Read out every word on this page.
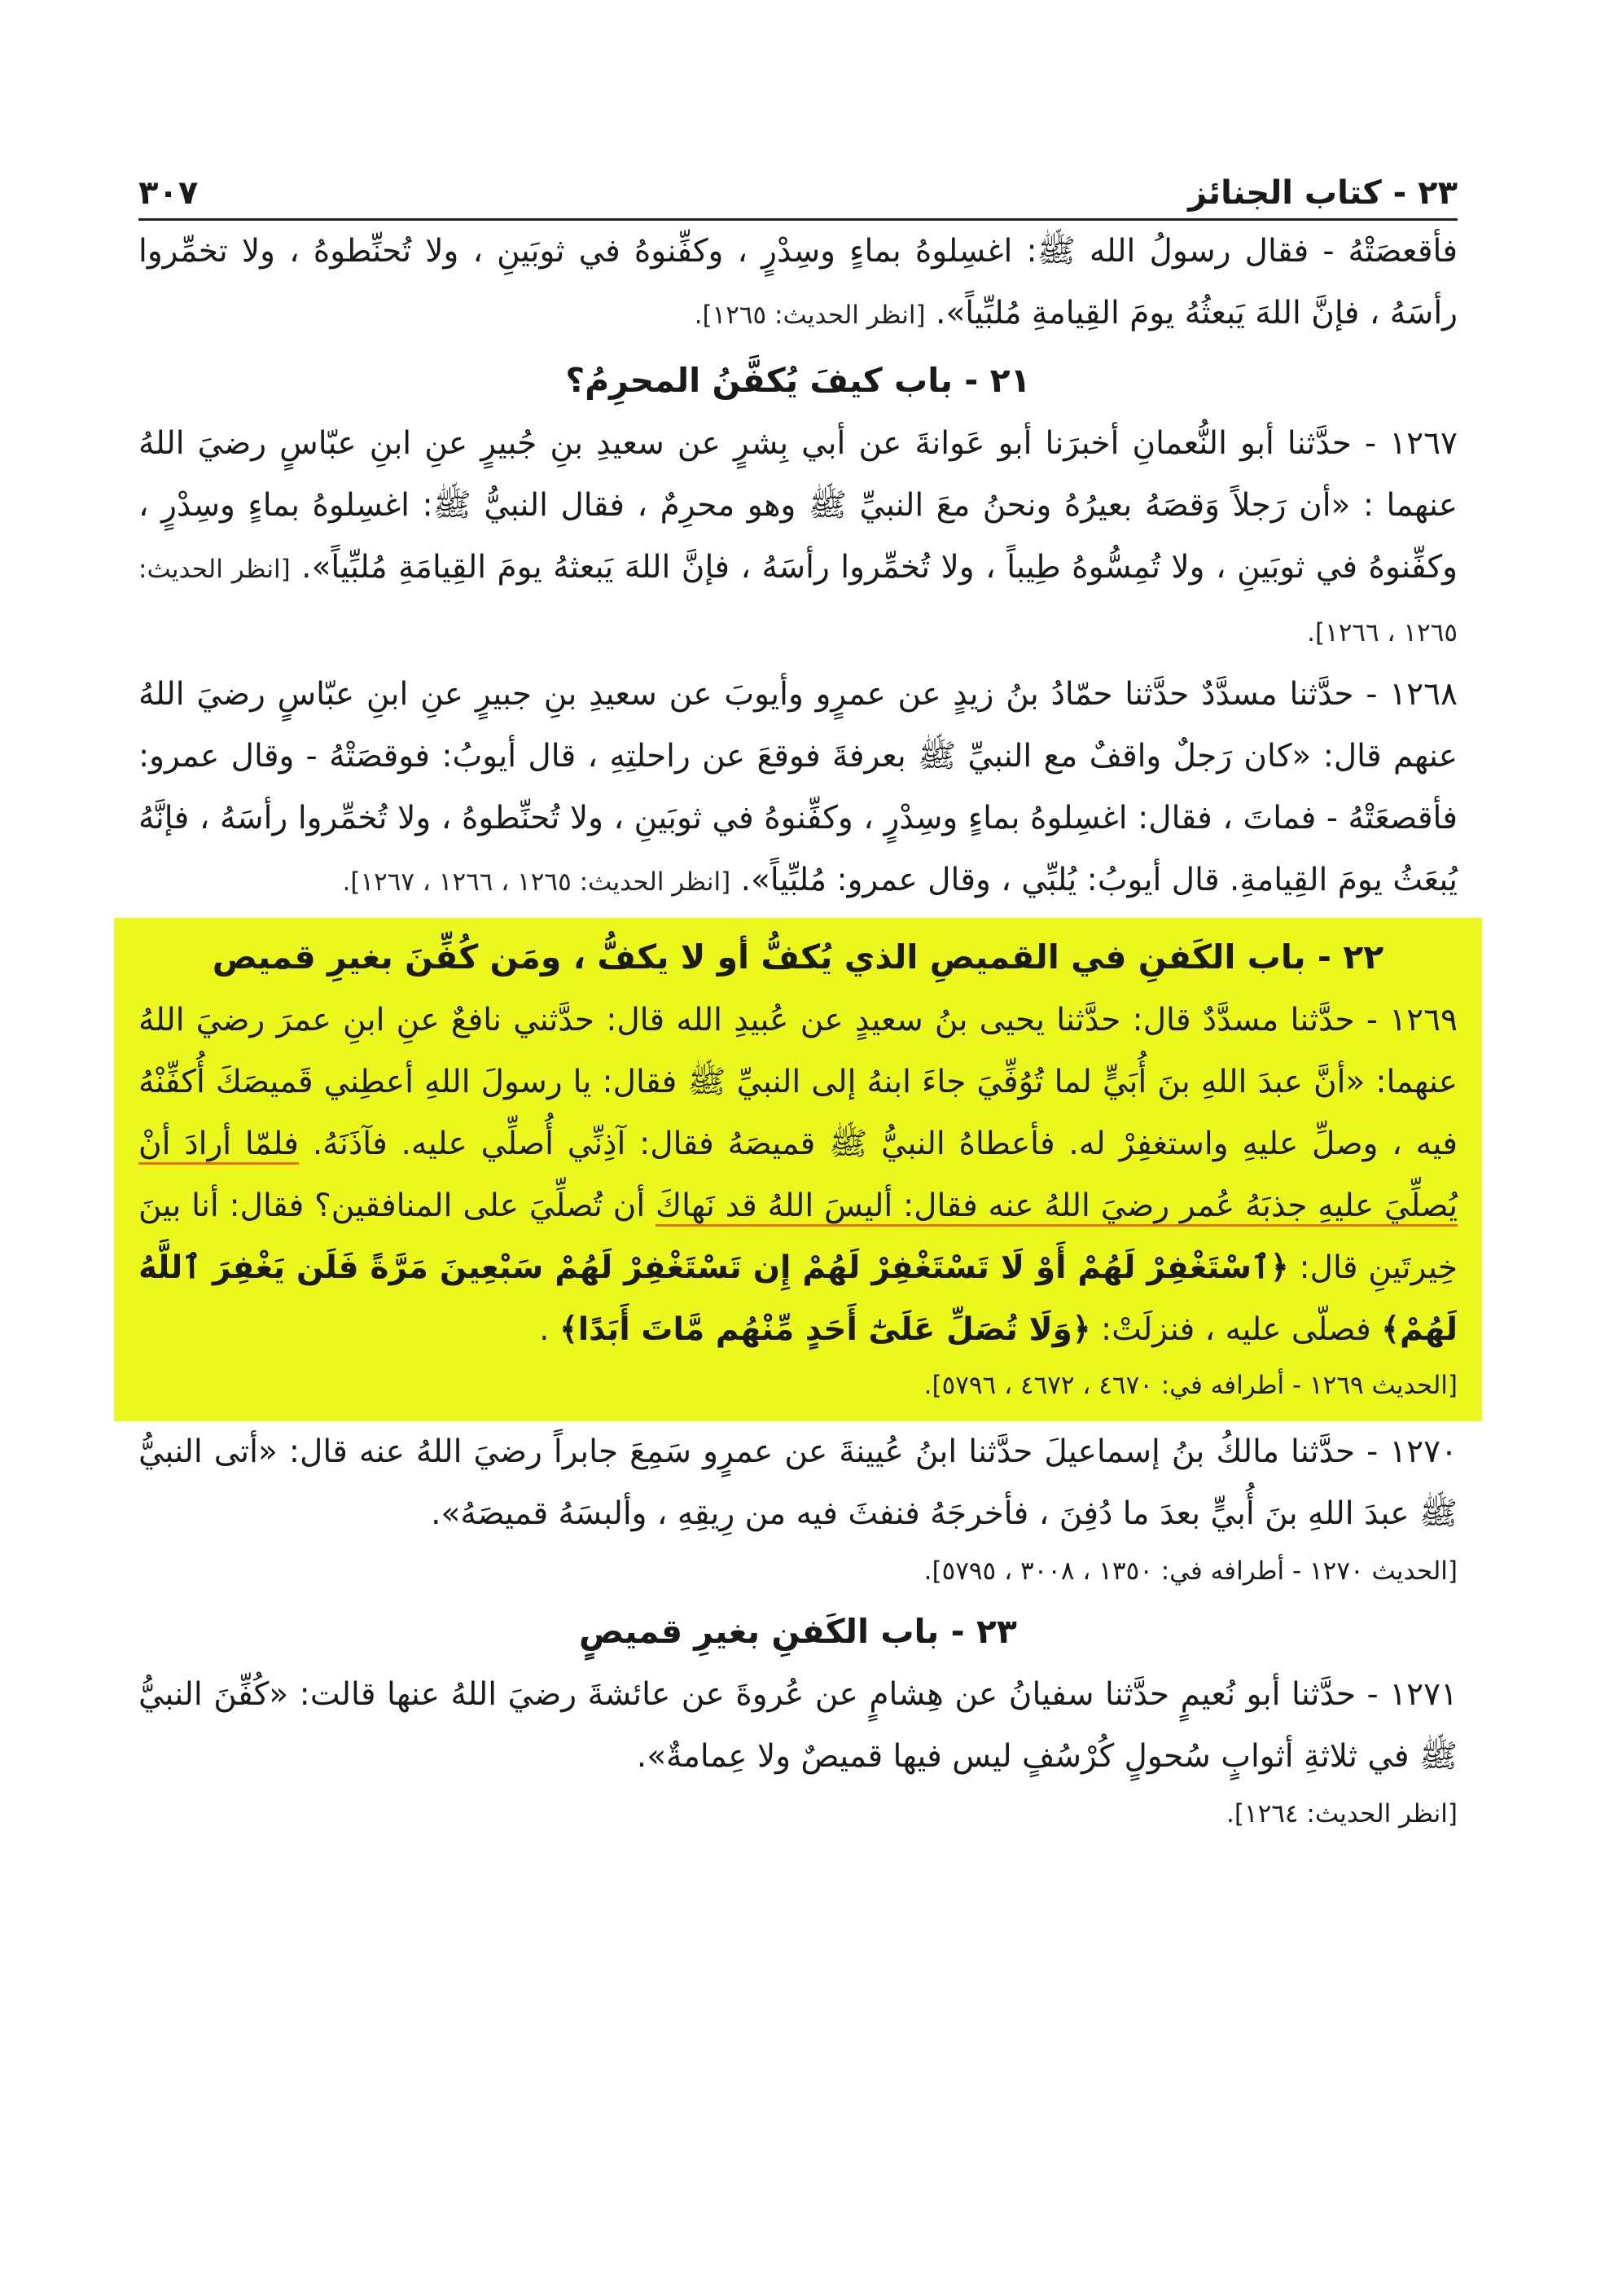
٢٣ - كتاب الجنائز
٣٠٧

فأقعصَتْهُ - فقال رسولُ الله ﷺ: اغسِلوهُ بماءٍ وسِدْرٍ ، وكفِّنوهُ في ثوبَينِ ، ولا تُحنِّطوهُ ، ولا تخمِّروا رأسَهُ ، فإنَّ اللهَ يَبعثُهُ يومَ القِيامةِ مُلبِّياً». [انظر الحديث: ١٢٦٥].

٢١ - باب كيفَ يُكفَّنُ المحرِمُ؟

١٢٦٧ - حدَّثنا أبو النُّعمانِ أخبرَنا أبو عَوانةَ عن أبي بِشرٍ عن سعيدِ بنِ جُبيرٍ عنِ ابنِ عبّاسٍ رضيَ اللهُ عنهما : «أن رَجلاً وَقصَهُ بعيرُهُ ونحنُ معَ النبيِّ ﷺ وهو محرِمٌ ، فقال النبيُّ ﷺ: اغسِلوهُ بماءٍ وسِدْرٍ ، وكفِّنوهُ في ثوبَينِ ، ولا تُمِسُّوهُ طِيباً ، ولا تُخمِّروا رأسَهُ ، فإنَّ اللهَ يَبعثهُ يومَ القِيامَةِ مُلبِّياً». [انظر الحديث: ١٢٦٥ ، ١٢٦٦].

١٢٦٨ - حدَّثنا مسدَّدٌ حدَّثنا حمّادُ بنُ زيدٍ عن عمرٍو وأيوبَ عن سعيدِ بنِ جبيرٍ عنِ ابنِ عبّاسٍ رضيَ اللهُ عنهم قال: «كان رَجلٌ واقفٌ مع النبيِّ ﷺ بعرفةَ فوقعَ عن راحلتِهِ ، قال أيوبُ: فوقصَتْهُ - وقال عمرو: فأقصعَتْهُ - فماتَ ، فقال: اغسِلوهُ بماءٍ وسِدْرٍ ، وكفِّنوهُ في ثوبَينِ ، ولا تُحنِّطوهُ ، ولا تُخمِّروا رأسَهُ ، فإنَّهُ يُبعَثُ يومَ القِيامةِ. قال أيوبُ: يُلبِّي ، وقال عمرو: مُلبِّياً». [انظر الحديث: ١٢٦٥ ، ١٢٦٦ ، ١٢٦٧].

٢٢ - باب الكَفنِ في القميصِ الذي يُكفُّ أو لا يكفُّ ، ومَن كُفِّنَ بغيرِ قميص

١٢٦٩ - حدَّثنا مسدَّدٌ قال: حدَّثنا يحيى بنُ سعيدٍ عن عُبيدِ الله قال: حدَّثني نافعٌ عنِ ابنِ عمرَ رضيَ اللهُ عنهما: «أنَّ عبدَ اللهِ بنَ أُبَيٍّ لما تُوُفِّيَ جاءَ ابنهُ إلى النبيِّ ﷺ فقال: يا رسولَ اللهِ أعطِني قَميصَكَ أُكفِّنْهُ فيه ، وصلِّ عليهِ واستغفِرْ له. فأعطاهُ النبيُّ ﷺ قميصَهُ فقال: آذِنِّي أُصلِّي عليه. فآذَنَهُ. فلمّا أرادَ أنْ يُصلِّيَ عليهِ جذبَهُ عُمر رضيَ اللهُ عنه فقال: أليسَ اللهُ قد نَهاكَ أن تُصلِّيَ على المنافقين؟ فقال: أنا بينَ خِيرتَينِ قال: ﴿ٱسْتَغْفِرْ لَهُمْ أَوْ لَا تَسْتَغْفِرْ لَهُمْ إِن تَسْتَغْفِرْ لَهُمْ سَبْعِينَ مَرَّةً فَلَن يَغْفِرَ ٱللَّهُ لَهُمْ﴾ فصلّى عليه ، فنزلَتْ: ﴿وَلَا تُصَلِّ عَلَىٰٓ أَحَدٍ مِّنْهُم مَّاتَ أَبَدًا﴾ .

[الحديث ١٢٦٩ - أطرافه في: ٤٦٧٠ ، ٤٦٧٢ ، ٥٧٩٦].

١٢٧٠ - حدَّثنا مالكُ بنُ إسماعيلَ حدَّثنا ابنُ عُيينةَ عن عمرٍو سَمِعَ جابراً رضيَ اللهُ عنه قال: «أتى النبيُّ ﷺ عبدَ اللهِ بنَ أُبيٍّ بعدَ ما دُفِنَ ، فأخرجَهُ فنفثَ فيه من رِيقِهِ ، وألبسَهُ قميصَهُ».

[الحديث ١٢٧٠ - أطرافه في: ١٣٥٠ ، ٣٠٠٨ ، ٥٧٩٥].

٢٣ - باب الكَفنِ بغيرِ قميصٍ

١٢٧١ - حدَّثنا أبو نُعيمٍ حدَّثنا سفيانُ عن هِشامٍ عن عُروةَ عن عائشةَ رضيَ اللهُ عنها قالت: «كُفِّنَ النبيُّ ﷺ في ثلاثةِ أثوابٍ سُحولٍ كُرْسُفٍ ليس فيها قميصٌ ولا عِمامةٌ».

[انظر الحديث: ١٢٦٤].
